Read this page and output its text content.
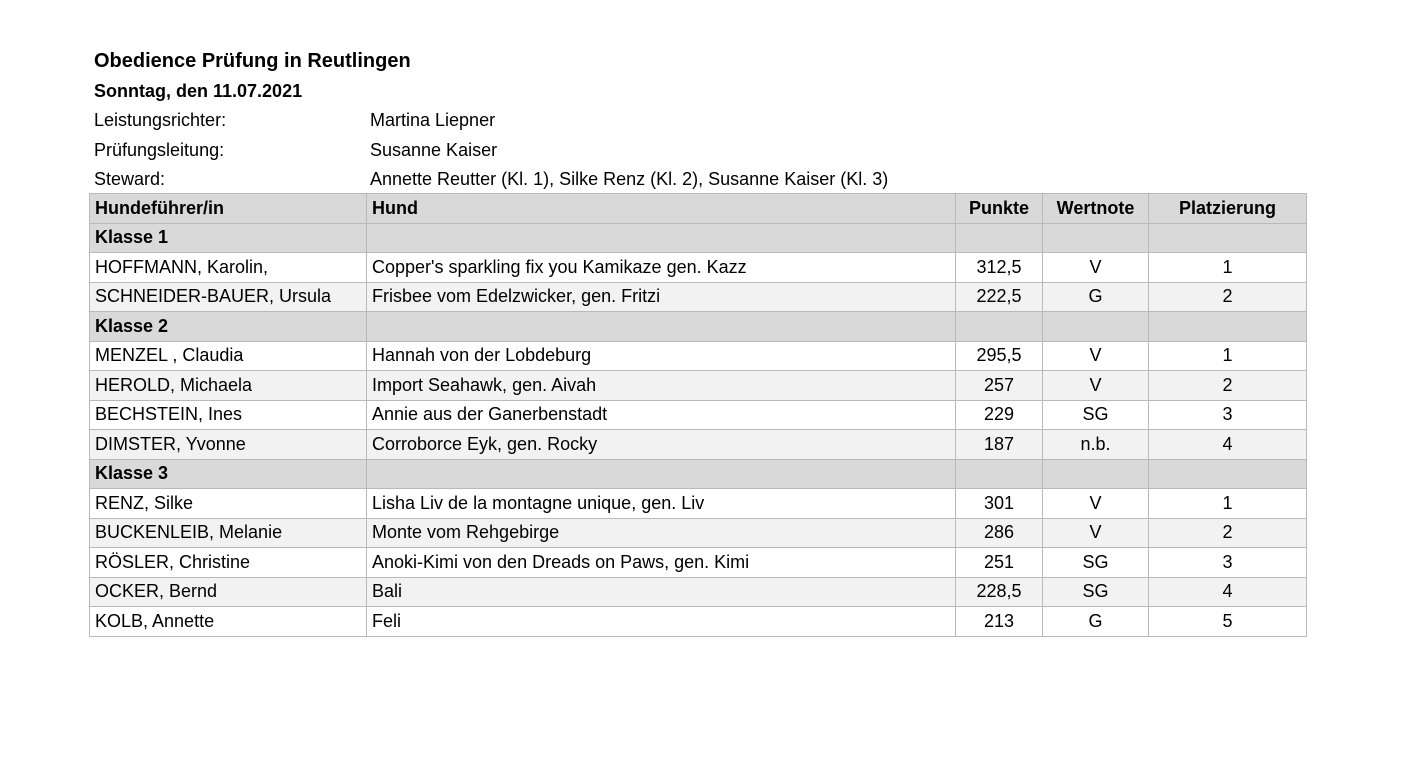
Obedience Prüfung in Reutlingen
Sonntag, den 11.07.2021
Leistungsrichter:	Martina Liepner
Prüfungsleitung:	Susanne Kaiser
Steward:	Annette Reutter (Kl. 1), Silke Renz (Kl. 2), Susanne Kaiser (Kl. 3)
Hundeführer/in	Hund	Punkte	Wertnote	Platzierung
Klasse 1				
HOFFMANN, Karolin,	Copper's sparkling fix you Kamikaze gen. Kazz	312,5	V	1
SCHNEIDER-BAUER, Ursula	Frisbee vom Edelzwicker, gen. Fritzi	222,5	G	2
Klasse 2				
MENZEL , Claudia	Hannah von der Lobdeburg	295,5	V	1
HEROLD, Michaela	Import Seahawk, gen. Aivah	257	V	2
BECHSTEIN, Ines	Annie aus der Ganerbenstadt	229	SG	3
DIMSTER, Yvonne	Corroborce Eyk, gen. Rocky	187	n.b.	4
Klasse 3				
RENZ, Silke	Lisha Liv de la montagne unique, gen. Liv	301	V	1
BUCKENLEIB, Melanie	Monte vom Rehgebirge	286	V	2
RÖSLER, Christine	Anoki-Kimi von den Dreads on Paws, gen. Kimi	251	SG	3
OCKER, Bernd	Bali	228,5	SG	4
KOLB, Annette	Feli	213	G	5
